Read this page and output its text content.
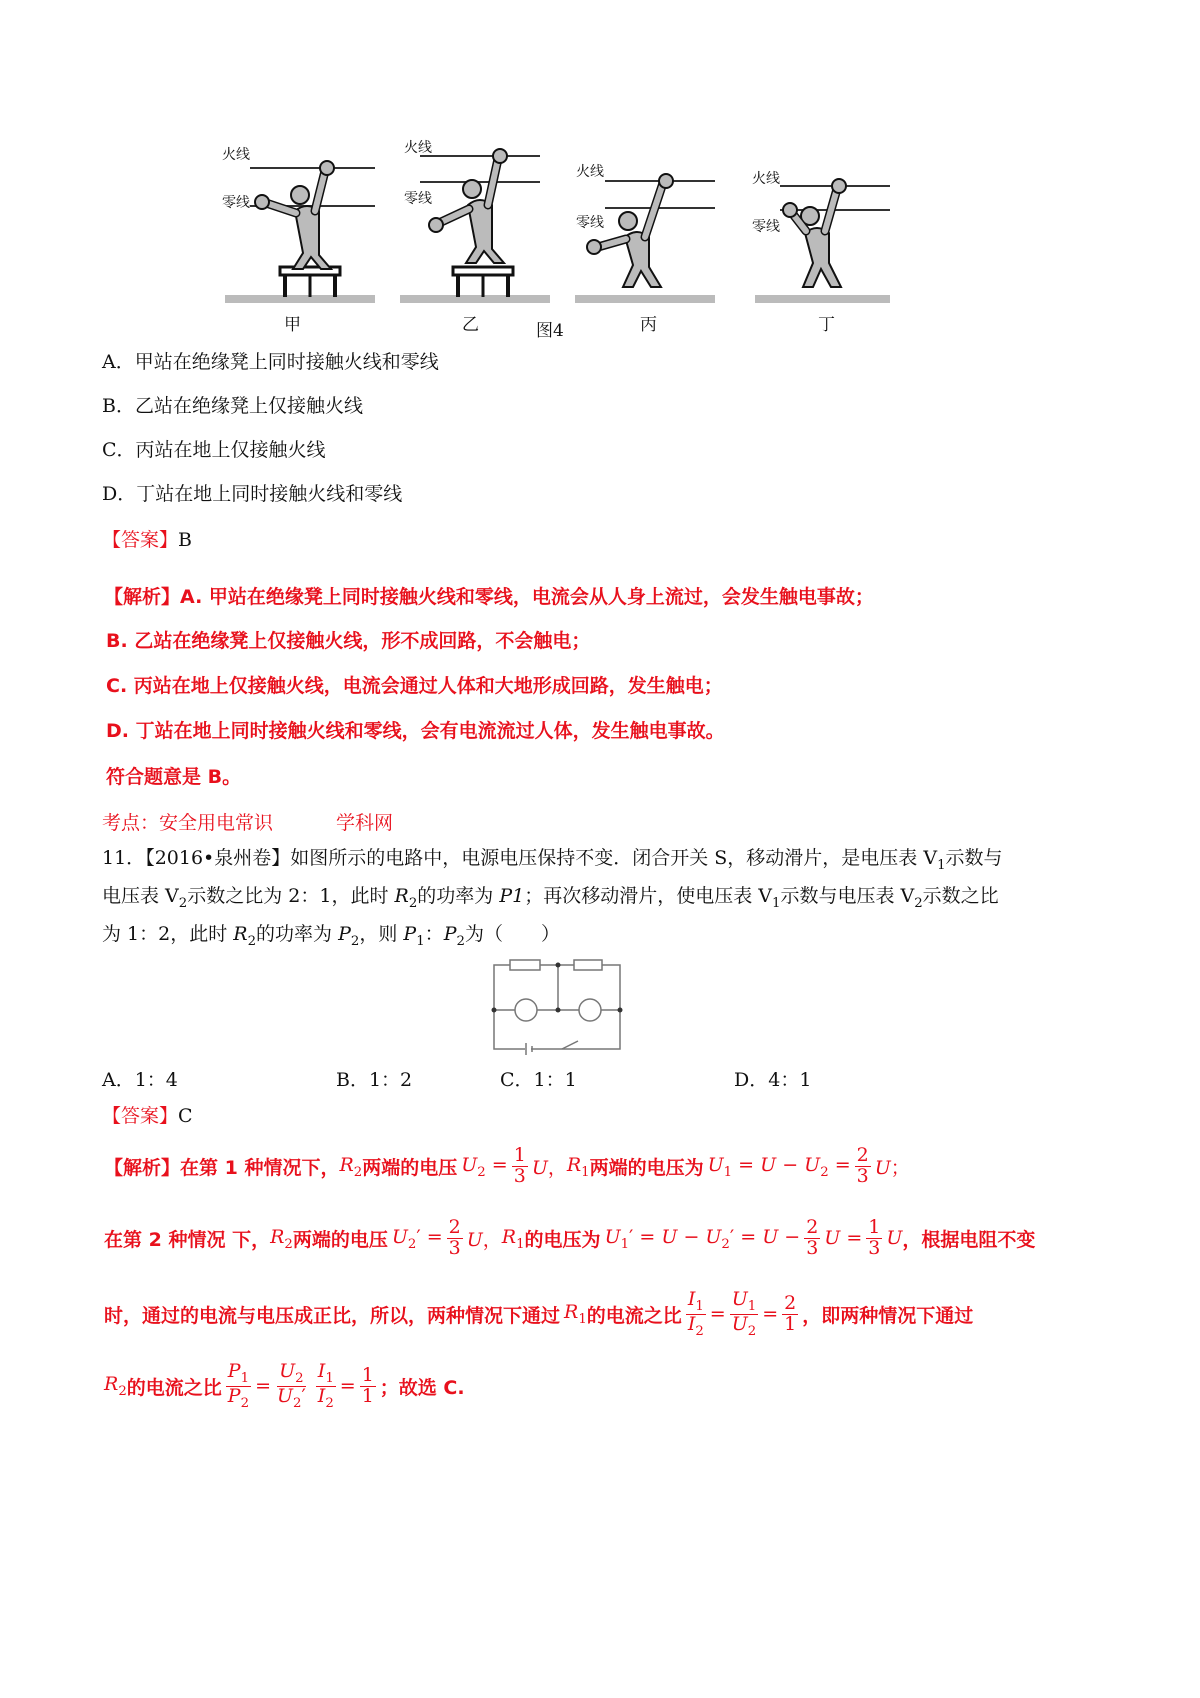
火线
零线
火线
零线
火线
零线
火线
零线
甲	乙	图4	丙	丁
A．甲站在绝缘凳上同时接触火线和零线
B．乙站在绝缘凳上仅接触火线
C．丙站在地上仅接触火线
D．丁站在地上同时接触火线和零线
【答案】B
【解析】A. 甲站在绝缘凳上同时接触火线和零线，电流会从人身上流过，会发生触电事故；
B. 乙站在绝缘凳上仅接触火线，形不成回路，不会触电；
C. 丙站在地上仅接触火线，电流会通过人体和大地形成回路，发生触电；
D. 丁站在地上同时接触火线和零线，会有电流流过人体，发生触电事故。
符合题意是 B。
考点：安全用电常识	学科网
11．【2016•泉州卷】如图所示的电路中，电源电压保持不变．闭合开关 S，移动滑片，是电压表 $V_1$示数与
电压表 $V_2$示数之比为 2：1，此时 $R_2$的功率为 P1；再次移动滑片，使电压表 $V_1$示数与电压表 $V_2$示数之比
为 1：2，此时 $R_2$的功率为 $P_2$，则 $P_1$：$P_2$为（　　）
A．1：4	B．1：2	C．1：1	D．4：1
【答案】C
【解析】 在第 1 种情况下， $R_2$ 两端的电压 $U_2 = \frac{1}{3}$ U， $R_1$ 两端的电压为 $U_1 = U - U_2 = \frac{2}{3}$ U；
在第 2 种情况 下， $R_2$ 两端的电压 $U_2' = \frac{2}{3}$ U， $R_1$ 的电压为 $U_1' = U - U_2' = U - \frac{2}{3}$ $U = \frac{1}{3}$ U ，根据电阻不变
时，通过的电流与电压成正比，所以，两种情况下通过 $R_1$ 的电流之比 $\frac{I_1}{I_2} = \frac{U_1}{U_2} = \frac{2}{1}$ ，即两种情况下通过
$R_2$ 的电流之比 $\frac{P_1}{P_2} = \frac{U_2}{U_2'} \frac{I_1}{I_2} = \frac{1}{1}$ ；故选 C.
